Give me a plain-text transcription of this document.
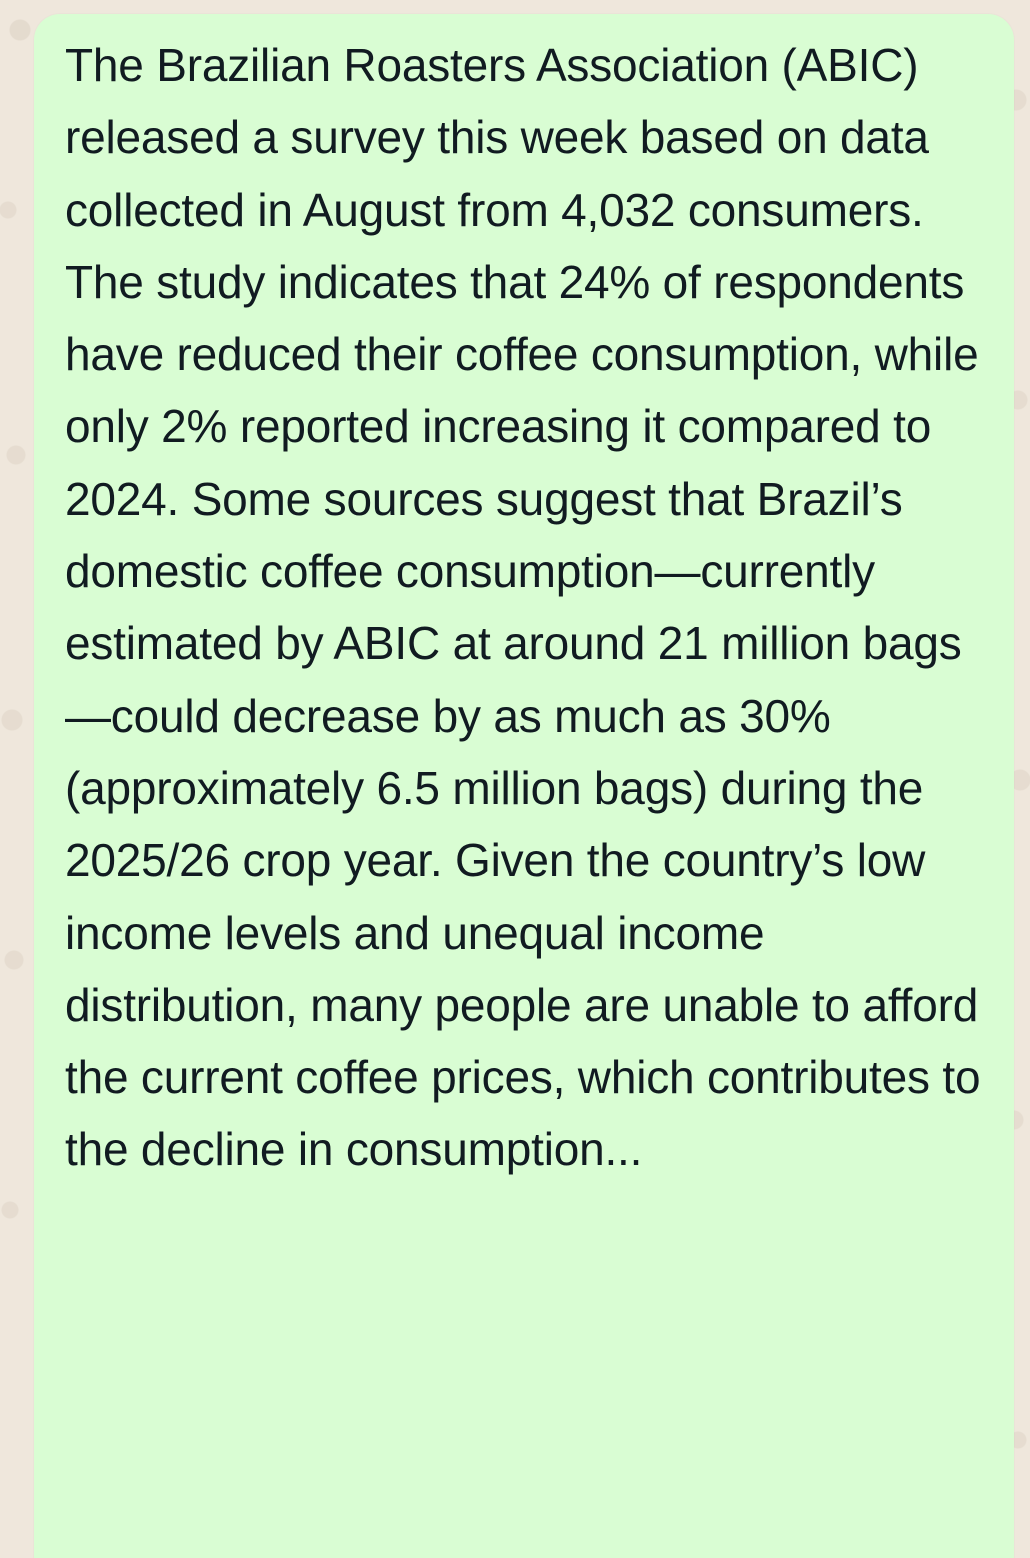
The Brazilian Roasters Association (ABIC) released a survey this week based on data collected in August from 4,032 consumers. The study indicates that 24% of respondents have reduced their coffee consumption, while only 2% reported increasing it compared to 2024. Some sources suggest that Brazil’s domestic coffee consumption—currently estimated by ABIC at around 21 million bags —could decrease by as much as 30% (approximately 6.5 million bags) during the 2025/26 crop year. Given the country’s low income levels and unequal income distribution, many people are unable to afford the current coffee prices, which contributes to the decline in consumption...
